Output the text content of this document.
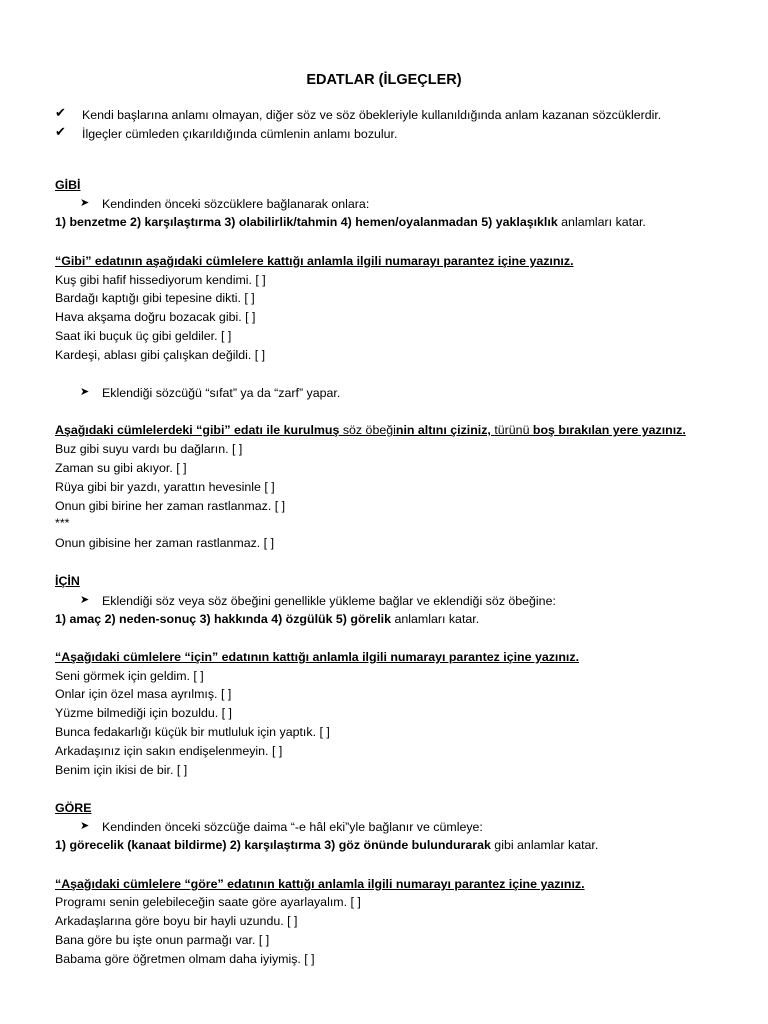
EDATLAR (İLGEÇLER)
✔	Kendi başlarına anlamı olmayan, diğer söz ve söz öbekleriyle kullanıldığında anlam kazanan sözcüklerdir.
✔	İlgeçler cümleden çıkarıldığında cümlenin anlamı bozulur.
GİBİ
➤ Kendinden önceki sözcüklere bağlanarak onlara:
1) benzetme 2) karşılaştırma 3) olabilirlik/tahmin 4) hemen/oyalanmadan 5) yaklaşıklık anlamları katar.
“Gibi” edatının aşağıdaki cümlelere kattığı anlamla ilgili numarayı parantez içine yazınız.
Kuş gibi hafif hissediyorum kendimi. [ ]
Bardağı kaptığı gibi tepesine dikti. [ ]
Hava akşama doğru bozacak gibi. [ ]
Saat iki buçuk üç gibi geldiler. [ ]
Kardeşi, ablası gibi çalışkan değildi. [ ]
➤ Eklendiği sözcüğü “sıfat” ya da “zarf” yapar.
Aşağıdaki cümlelerdeki “gibi” edatı ile kurulmuş söz öbeğinin altını çiziniz, türünü boş bırakılan yere yazınız.
Buz gibi suyu vardı bu dağların. [ ]
Zaman su gibi akıyor. [ ]
Rüya gibi bir yazdı, yarattın hevesinle [ ]
Onun gibi birine her zaman rastlanmaz. [ ]
***
Onun gibisine her zaman rastlanmaz. [ ]
İÇİN
➤ Eklendiği söz veya söz öbeğini genellikle yükleme bağlar ve eklendiği söz öbeğine:
1) amaç 2) neden-sonuç 3) hakkında 4) özgülük 5) görelik anlamları katar.
“Aşağıdaki cümlelere “için” edatının kattığı anlamla ilgili numarayı parantez içine yazınız.
Seni görmek için geldim. [ ]
Onlar için özel masa ayrılmış. [ ]
Yüzme bilmediği için bozuldu. [ ]
Bunca fedakarlığı küçük bir mutluluk için yaptık. [ ]
Arkadaşınız için sakın endişelenmeyin. [ ]
Benim için ikisi de bir. [ ]
GÖRE
➤ Kendinden önceki sözcüğe daima “-e hâl eki”yle bağlanır ve cümleye:
1) görecelik (kanaat bildirme) 2) karşılaştırma 3) göz önünde bulundurarak gibi anlamlar katar.
“Aşağıdaki cümlelere “göre” edatının kattığı anlamla ilgili numarayı parantez içine yazınız.
Programı senin gelebileceğin saate göre ayarlayalım. [ ]
Arkadaşlarına göre boyu bir hayli uzundu. [ ]
Bana göre bu işte onun parmağı var. [ ]
Babama göre öğretmen olmam daha iyiymiş. [ ]
